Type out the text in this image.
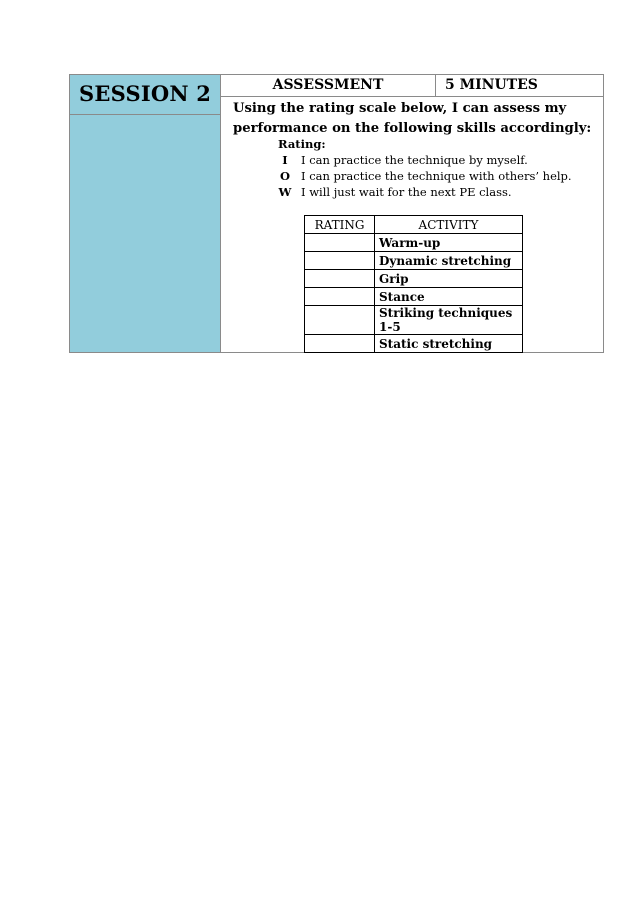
SESSION 2	ASSESSMENT	5 MINUTES
Using the rating scale below, I can assess my performance on the following skills accordingly:
Rating:
I	I can practice the technique by myself.
O I can practice the technique with others’ help.
W I will just wait for the next PE class.
RATING	ACTIVITY
	Warm-up
	Dynamic stretching
	Grip
	Stance
	Striking techniques 1-5
	Static stretching
